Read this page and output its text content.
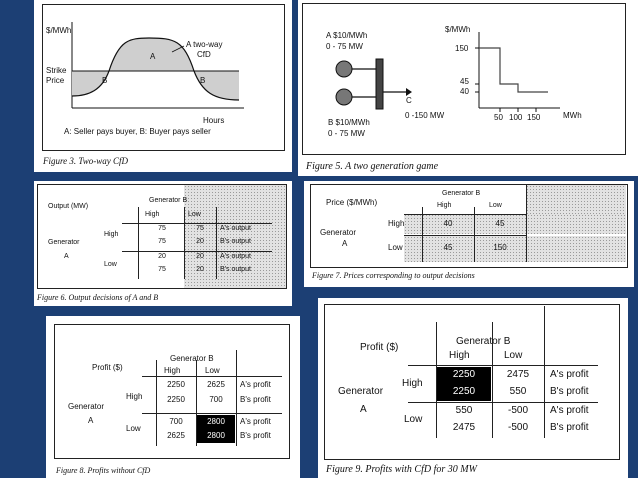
$/MWh
Strike
Price
A
B	B
A two-way
CfD
Hours
A: Seller pays buyer, B: Buyer pays seller
Figure 3. Two-way CfD
A $10/MWh
0 - 75 MW
B $10/MWh
0 - 75 MW
C
0 -150 MW
$/MWh
150
45
40
50 100 150	MWh
Figure 5. A two generation game
Output (MW)
Generator B
High	Low
Generator
A
High
Low
75	75	A's output
75	20	B's output
20	20	A's output
75	20	B's output
Figure 6. Output decisions of A and B
Price ($/MWh)
Generator B
High	Low
Generator
A
High
Low
40	45
45	150
Figure 7. Prices corresponding to output decisions
Profit ($)
Generator B
High	Low
Generator
A
High
Low
2250	2625	A's profit
2250	700	B's profit
700	2800	A's profit
2625	2800	B's profit
Figure 8. Profits without CfD
Profit ($)
Generator B
High	Low
Generator
A
High
Low
2250	2475	A's profit
2250	550	B's profit
550	-500	A's profit
2475	-500	B's profit
Figure 9. Profits with CfD for 30 MW
